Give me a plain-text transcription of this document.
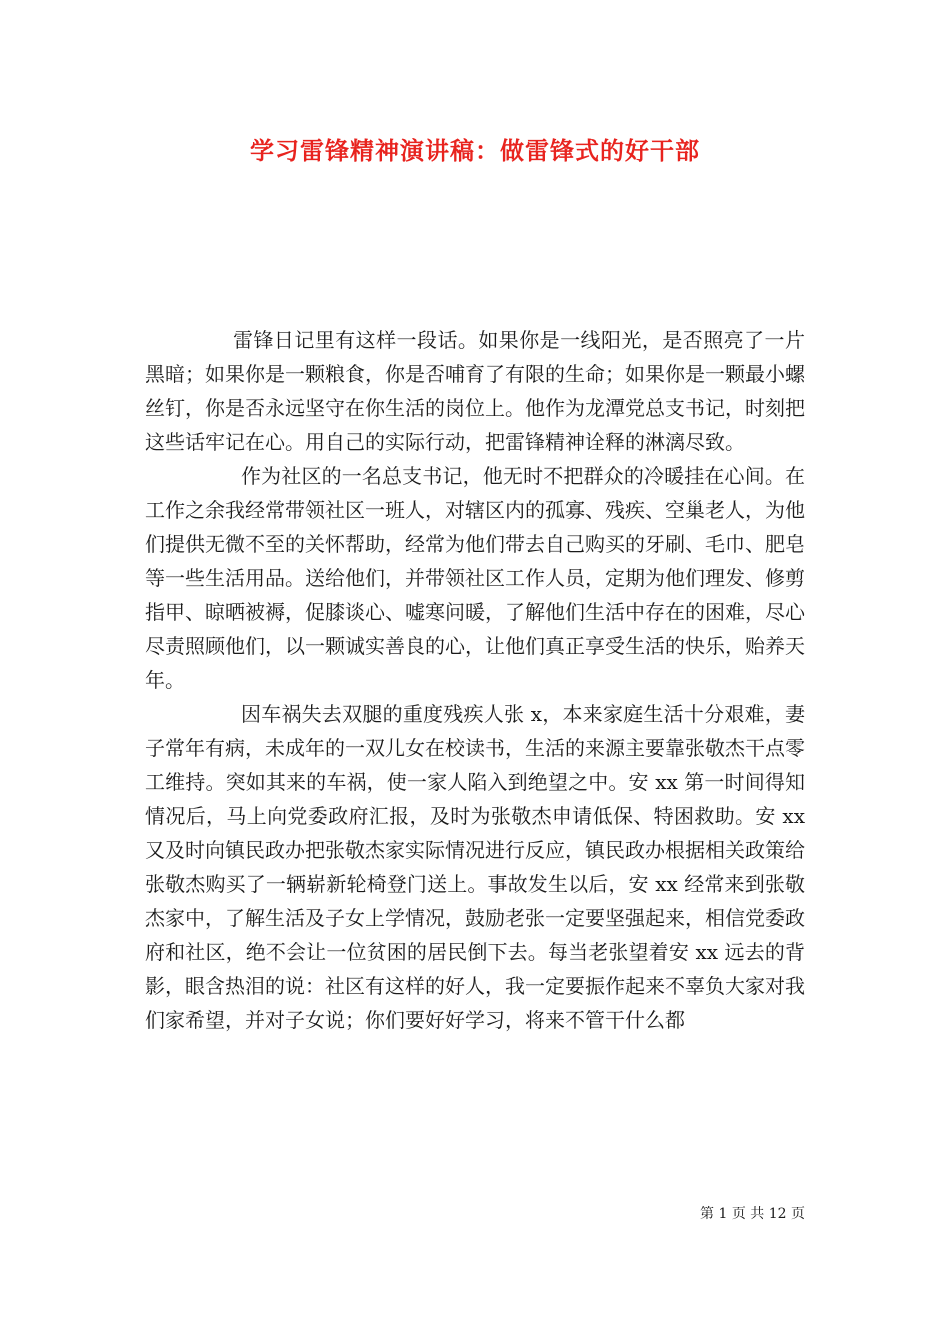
学习雷锋精神演讲稿：做雷锋式的好干部

雷锋日记里有这样一段话。如果你是一线阳光，是否照亮了一片黑暗；如果你是一颗粮食，你是否哺育了有限的生命；如果你是一颗最小螺丝钉，你是否永远坚守在你生活的岗位上。他作为龙潭党总支书记，时刻把这些话牢记在心。用自己的实际行动，把雷锋精神诠释的淋漓尽致。

作为社区的一名总支书记，他无时不把群众的冷暖挂在心间。在工作之余我经常带领社区一班人，对辖区内的孤寡、残疾、空巢老人，为他们提供无微不至的关怀帮助，经常为他们带去自己购买的牙刷、毛巾、肥皂等一些生活用品。送给他们，并带领社区工作人员，定期为他们理发、修剪指甲、晾晒被褥，促膝谈心、嘘寒问暖，了解他们生活中存在的困难，尽心尽责照顾他们，以一颗诚实善良的心，让他们真正享受生活的快乐，贻养天年。

因车祸失去双腿的重度残疾人张 x，本来家庭生活十分艰难，妻子常年有病，未成年的一双儿女在校读书，生活的来源主要靠张敬杰干点零工维持。突如其来的车祸，使一家人陷入到绝望之中。安 xx 第一时间得知情况后，马上向党委政府汇报，及时为张敬杰申请低保、特困救助。安 xx 又及时向镇民政办把张敬杰家实际情况进行反应，镇民政办根据相关政策给张敬杰购买了一辆崭新轮椅登门送上。事故发生以后，安 xx 经常来到张敬杰家中，了解生活及子女上学情况，鼓励老张一定要坚强起来，相信党委政府和社区，绝不会让一位贫困的居民倒下去。每当老张望着安 xx 远去的背影，眼含热泪的说：社区有这样的好人，我一定要振作起来不辜负大家对我们家希望，并对子女说；你们要好好学习，将来不管干什么都

第 1 页 共 12 页
